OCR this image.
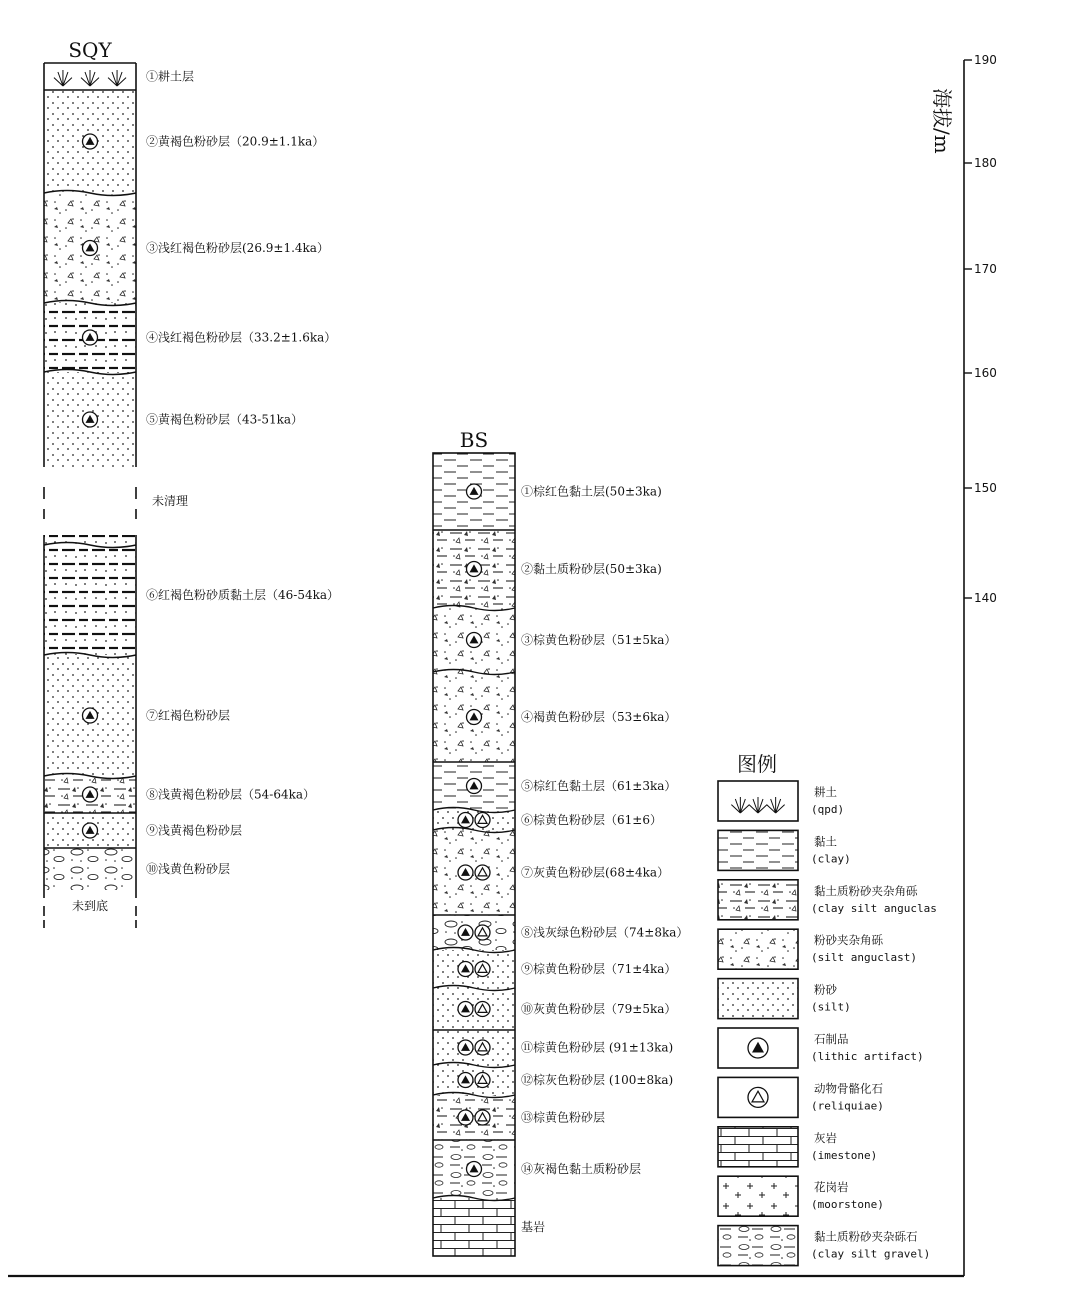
SQY
①耕土层
②黄褐色粉砂层（20.9±1.1ka）
③浅红褐色粉砂层(26.9±1.4ka）
④浅红褐色粉砂层（33.2±1.6ka）
⑤黄褐色粉砂层（43-51ka）
未清理
⑥红褐色粉砂质黏土层（46-54ka）
⑦红褐色粉砂层
⑧浅黄褐色粉砂层（54-64ka）
⑨浅黄褐色粉砂层
⑩浅黄色粉砂层
未到底
BS
①棕红色黏土层(50±3ka)
②黏土质粉砂层(50±3ka)
③棕黄色粉砂层（51±5ka）
④褐黄色粉砂层（53±6ka）
⑤棕红色黏土层（61±3ka）
⑥棕黄色粉砂层（61±6）
⑦灰黄色粉砂层(68±4ka）
⑧浅灰绿色粉砂层（74±8ka）
⑨棕黄色粉砂层（71±4ka）
⑩灰黄色粉砂层（79±5ka）
⑪棕黄色粉砂层 (91±13ka)
⑫棕灰色粉砂层 (100±8ka)
⑬棕黄色粉砂层
⑭灰褐色黏土质粉砂层
基岩
190
180
170
160
150
140
海拔/m
图例
耕土
(qpd)
黏土
(clay)
黏土质粉砂夹杂角砾
(clay silt anguclas
粉砂夹杂角砾
(silt anguclast)
粉砂
(silt)
石制品
(lithic artifact)
动物骨骼化石
(reliquiae)
灰岩
(imestone)
花岗岩
(moorstone)
黏土质粉砂夹杂砾石
(clay silt gravel)
